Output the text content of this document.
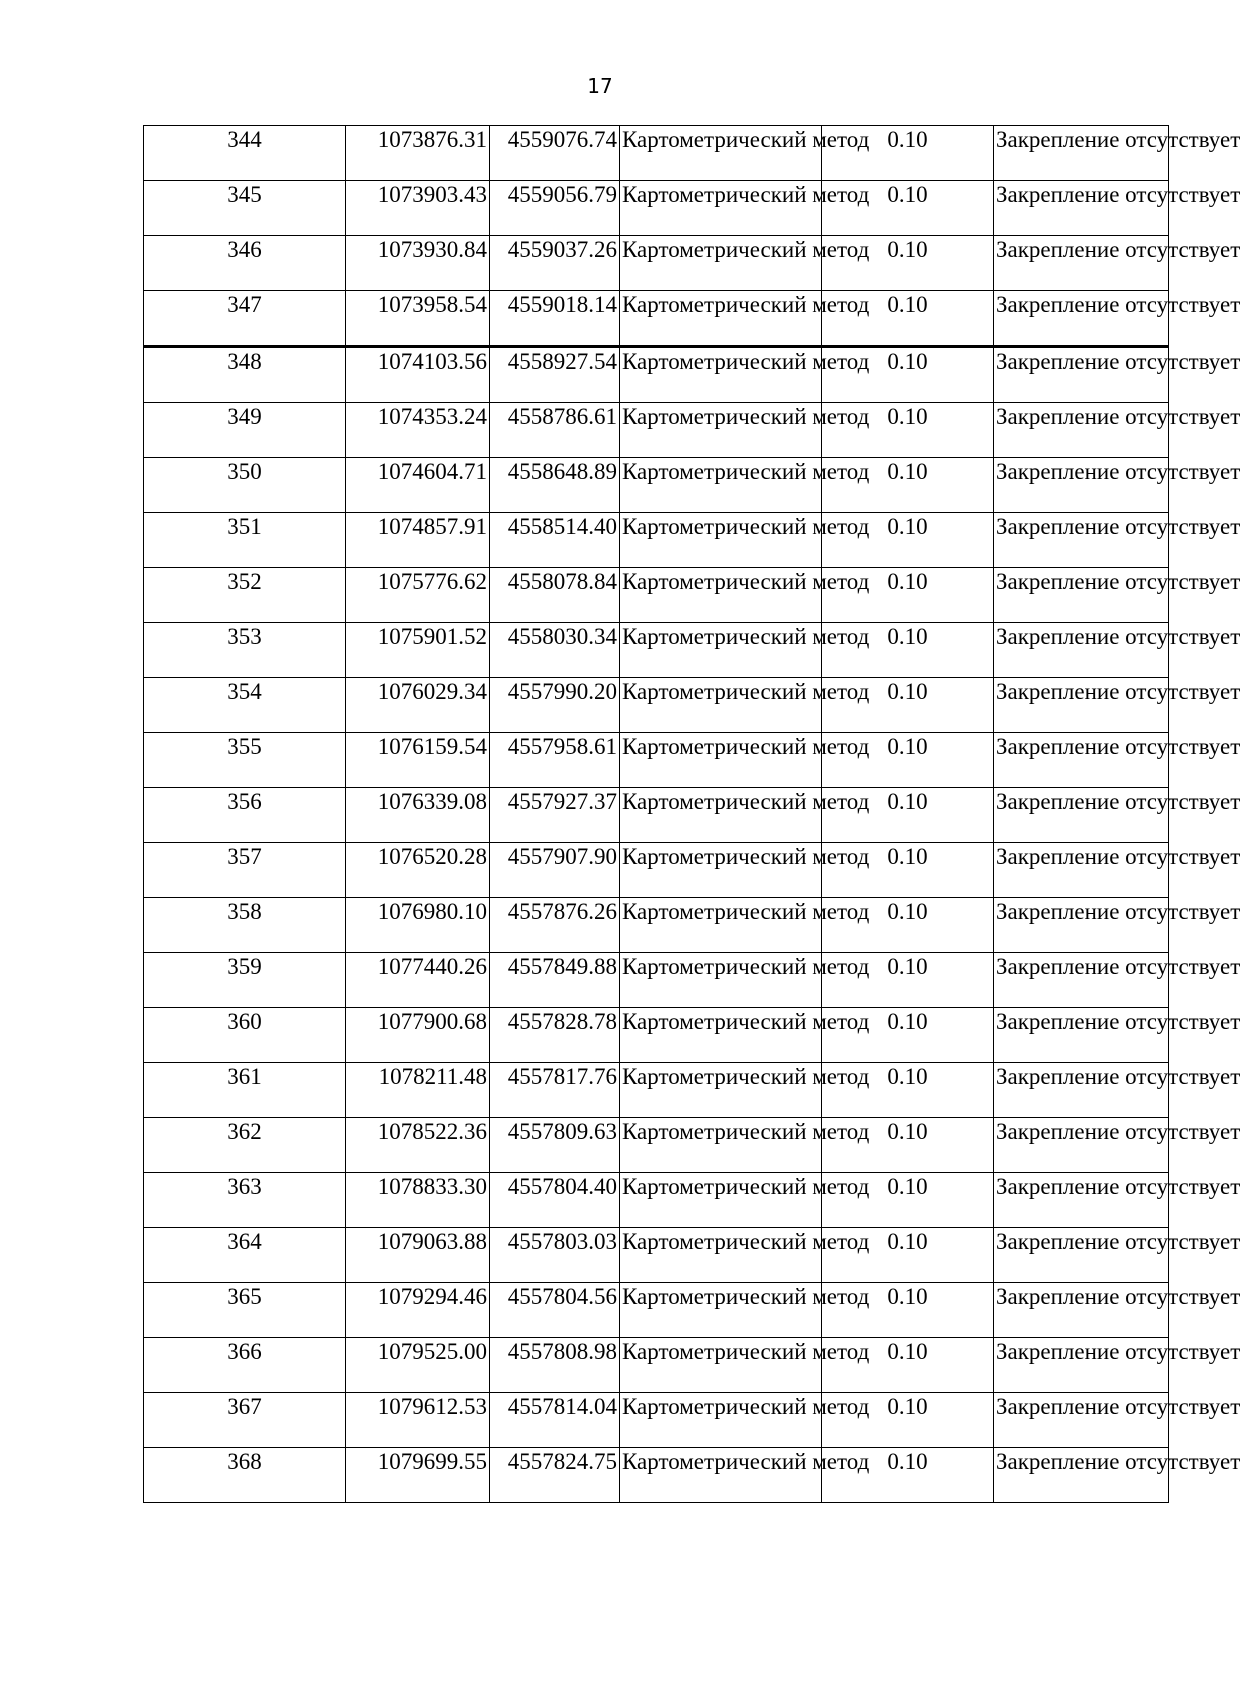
17
344	1073876.31	4559076.74	Картометрический метод	0.10	Закрепление отсутствует
345	1073903.43	4559056.79	Картометрический метод	0.10	Закрепление отсутствует
346	1073930.84	4559037.26	Картометрический метод	0.10	Закрепление отсутствует
347	1073958.54	4559018.14	Картометрический метод	0.10	Закрепление отсутствует
348	1074103.56	4558927.54	Картометрический метод	0.10	Закрепление отсутствует
349	1074353.24	4558786.61	Картометрический метод	0.10	Закрепление отсутствует
350	1074604.71	4558648.89	Картометрический метод	0.10	Закрепление отсутствует
351	1074857.91	4558514.40	Картометрический метод	0.10	Закрепление отсутствует
352	1075776.62	4558078.84	Картометрический метод	0.10	Закрепление отсутствует
353	1075901.52	4558030.34	Картометрический метод	0.10	Закрепление отсутствует
354	1076029.34	4557990.20	Картометрический метод	0.10	Закрепление отсутствует
355	1076159.54	4557958.61	Картометрический метод	0.10	Закрепление отсутствует
356	1076339.08	4557927.37	Картометрический метод	0.10	Закрепление отсутствует
357	1076520.28	4557907.90	Картометрический метод	0.10	Закрепление отсутствует
358	1076980.10	4557876.26	Картометрический метод	0.10	Закрепление отсутствует
359	1077440.26	4557849.88	Картометрический метод	0.10	Закрепление отсутствует
360	1077900.68	4557828.78	Картометрический метод	0.10	Закрепление отсутствует
361	1078211.48	4557817.76	Картометрический метод	0.10	Закрепление отсутствует
362	1078522.36	4557809.63	Картометрический метод	0.10	Закрепление отсутствует
363	1078833.30	4557804.40	Картометрический метод	0.10	Закрепление отсутствует
364	1079063.88	4557803.03	Картометрический метод	0.10	Закрепление отсутствует
365	1079294.46	4557804.56	Картометрический метод	0.10	Закрепление отсутствует
366	1079525.00	4557808.98	Картометрический метод	0.10	Закрепление отсутствует
367	1079612.53	4557814.04	Картометрический метод	0.10	Закрепление отсутствует
368	1079699.55	4557824.75	Картометрический метод	0.10	Закрепление отсутствует
